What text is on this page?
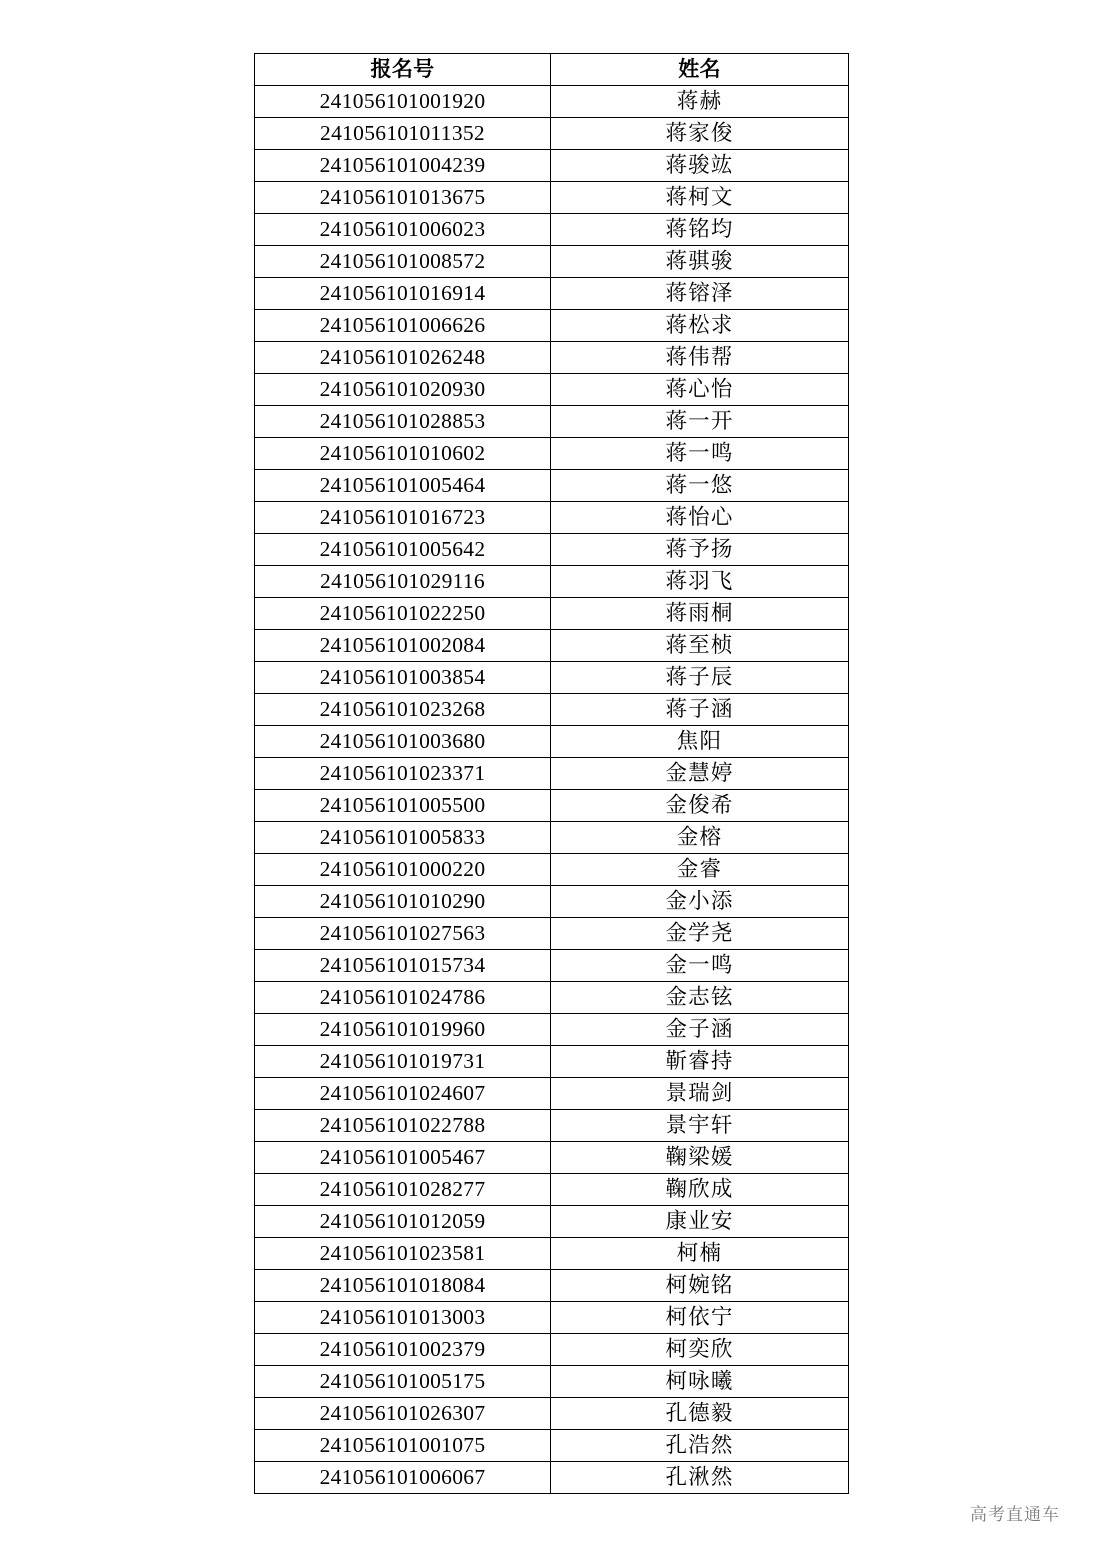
报名号	姓名
241056101001920	蒋赫
241056101011352	蒋家俊
241056101004239	蒋骏竑
241056101013675	蒋柯文
241056101006023	蒋铭均
241056101008572	蒋骐骏
241056101016914	蒋镕泽
241056101006626	蒋松求
241056101026248	蒋伟帮
241056101020930	蒋心怡
241056101028853	蒋一开
241056101010602	蒋一鸣
241056101005464	蒋一悠
241056101016723	蒋怡心
241056101005642	蒋予扬
241056101029116	蒋羽飞
241056101022250	蒋雨桐
241056101002084	蒋至桢
241056101003854	蒋子辰
241056101023268	蒋子涵
241056101003680	焦阳
241056101023371	金慧婷
241056101005500	金俊希
241056101005833	金榕
241056101000220	金睿
241056101010290	金小添
241056101027563	金学尧
241056101015734	金一鸣
241056101024786	金志铉
241056101019960	金子涵
241056101019731	靳睿持
241056101024607	景瑞剑
241056101022788	景宇轩
241056101005467	鞠梁媛
241056101028277	鞠欣成
241056101012059	康业安
241056101023581	柯楠
241056101018084	柯婉铭
241056101013003	柯依宁
241056101002379	柯奕欣
241056101005175	柯咏曦
241056101026307	孔德毅
241056101001075	孔浩然
241056101006067	孔湫然
高考直通车
